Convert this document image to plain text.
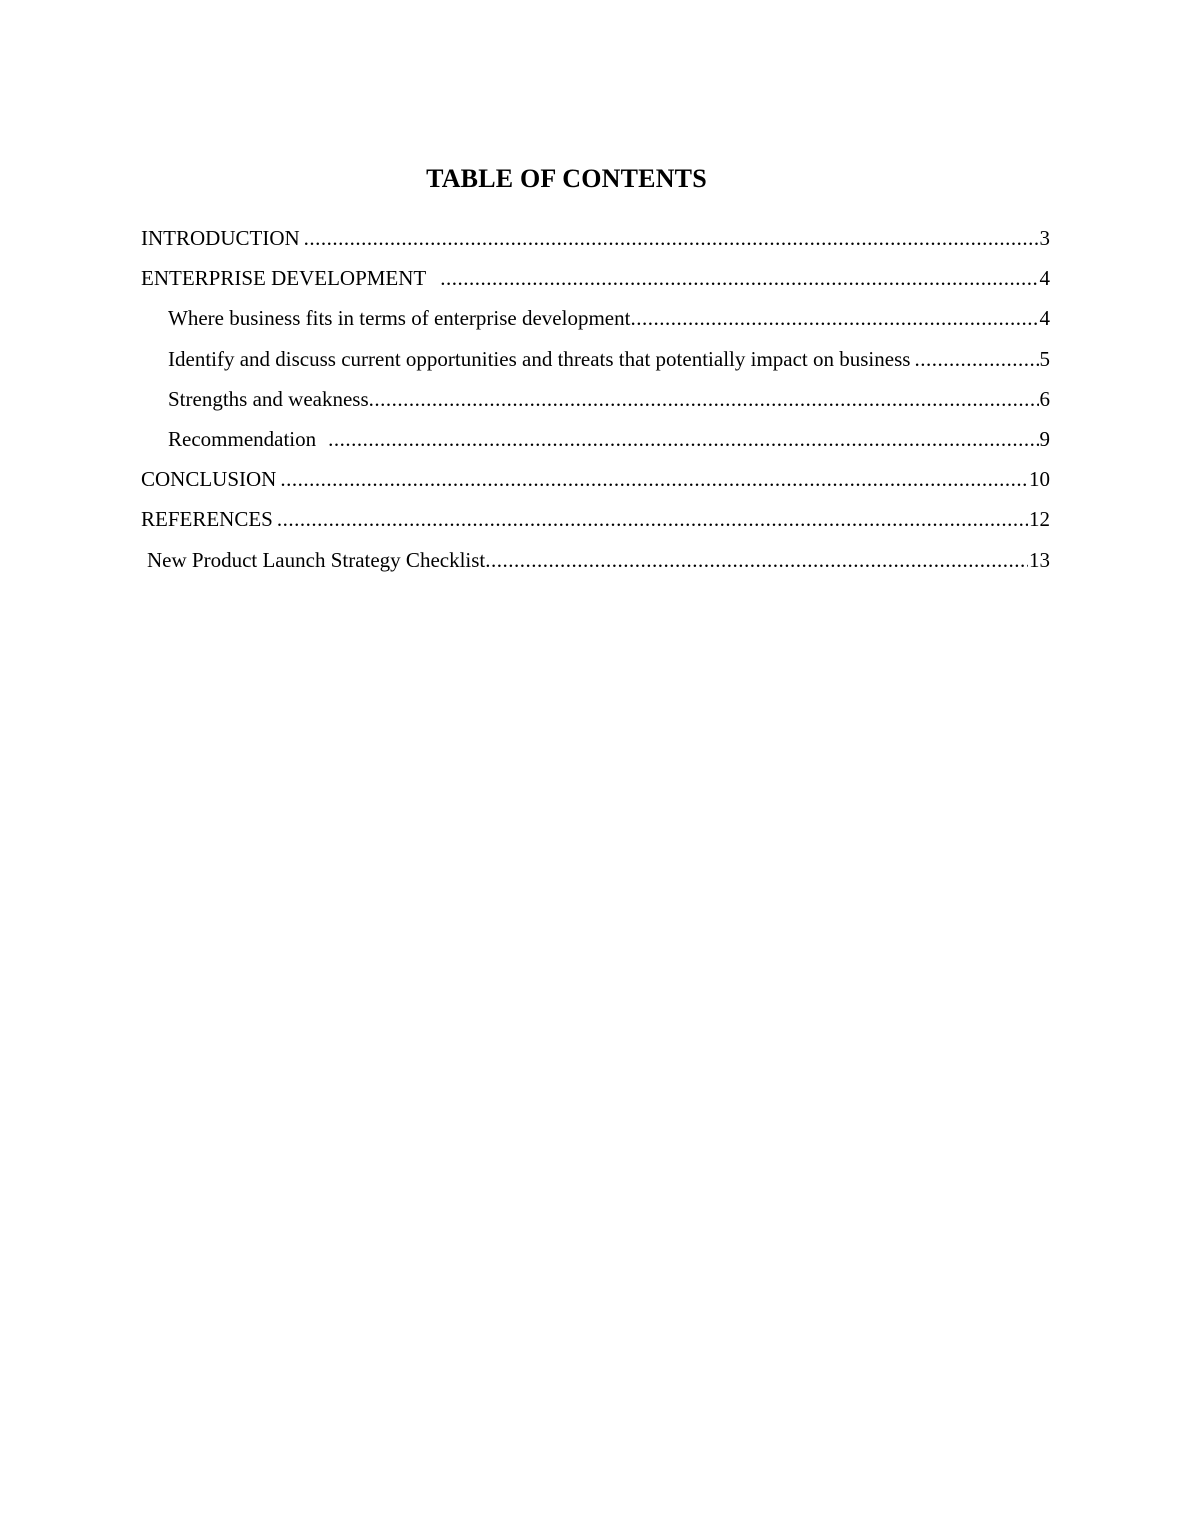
TABLE OF CONTENTS
INTRODUCTION .....	3
ENTERPRISE DEVELOPMENT .....	4
Where business fits in terms of enterprise development .....	4
Identify and discuss current opportunities and threats that potentially impact on business .....	5
Strengths and weakness .....	6
Recommendation .....	9
CONCLUSION .....	10
REFERENCES .....	12
New Product Launch Strategy Checklist .....	13
